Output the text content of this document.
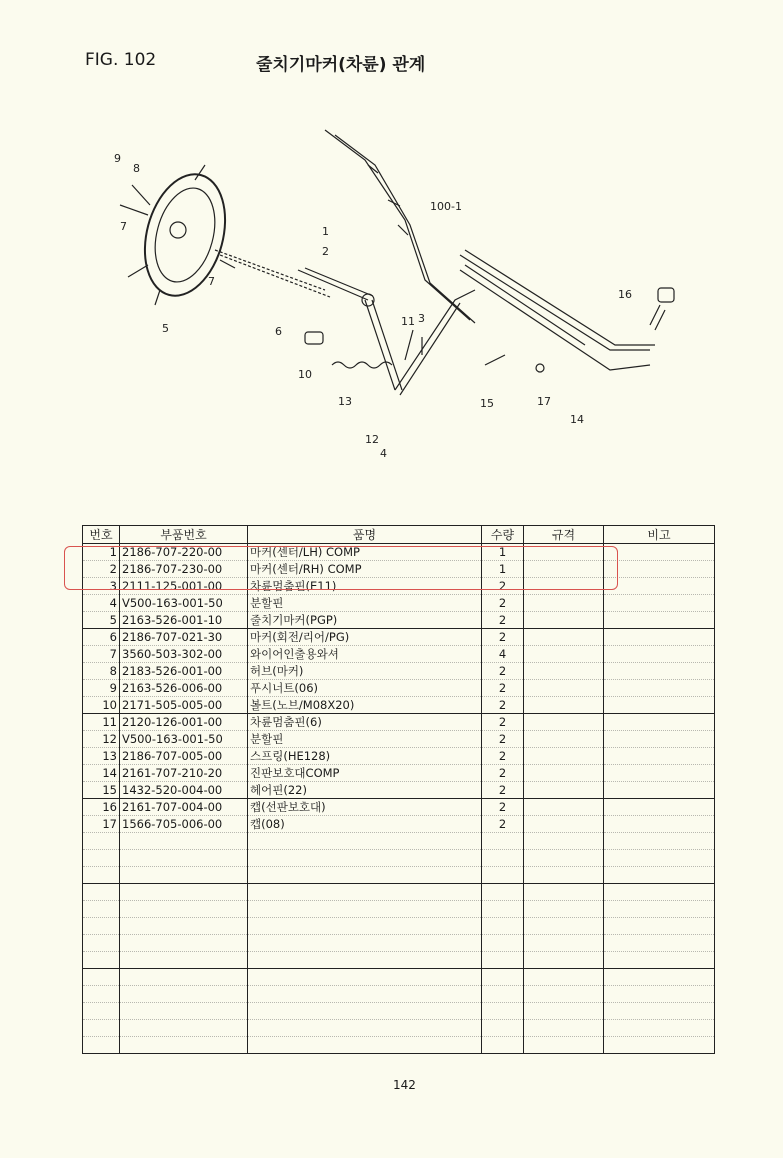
FIG. 102	줄치기마커(차륜) 관계
9
8
7
5
1
2
6
10
7
11 3
13
12
4
15	17
14
16
100-1
번호	부품번호	품명	수량	규격	비고
1	2186-707-220-00	마커(센터/LH) COMP	1		
2	2186-707-230-00	마커(센터/RH) COMP	1		
3	2111-125-001-00	차륜멈춤핀(E11)	2		
4	V500-163-001-50	분할핀	2		
5	2163-526-001-10	줄치기마커(PGP)	2		
6	2186-707-021-30	마커(회전/리어/PG)	2		
7	3560-503-302-00	와이어인출용와셔	4		
8	2183-526-001-00	허브(마커)	2		
9	2163-526-006-00	푸시너트(06)	2		
10	2171-505-005-00	볼트(노브/M08X20)	2		
11	2120-126-001-00	차륜멈춤핀(6)	2		
12	V500-163-001-50	분할핀	2		
13	2186-707-005-00	스프링(HE128)	2		
14	2161-707-210-20	진판보호대COMP	2		
15	1432-520-004-00	헤어핀(22)	2		
16	2161-707-004-00	캡(선판보호대)	2		
17	1566-705-006-00	캡(08)	2		

142
